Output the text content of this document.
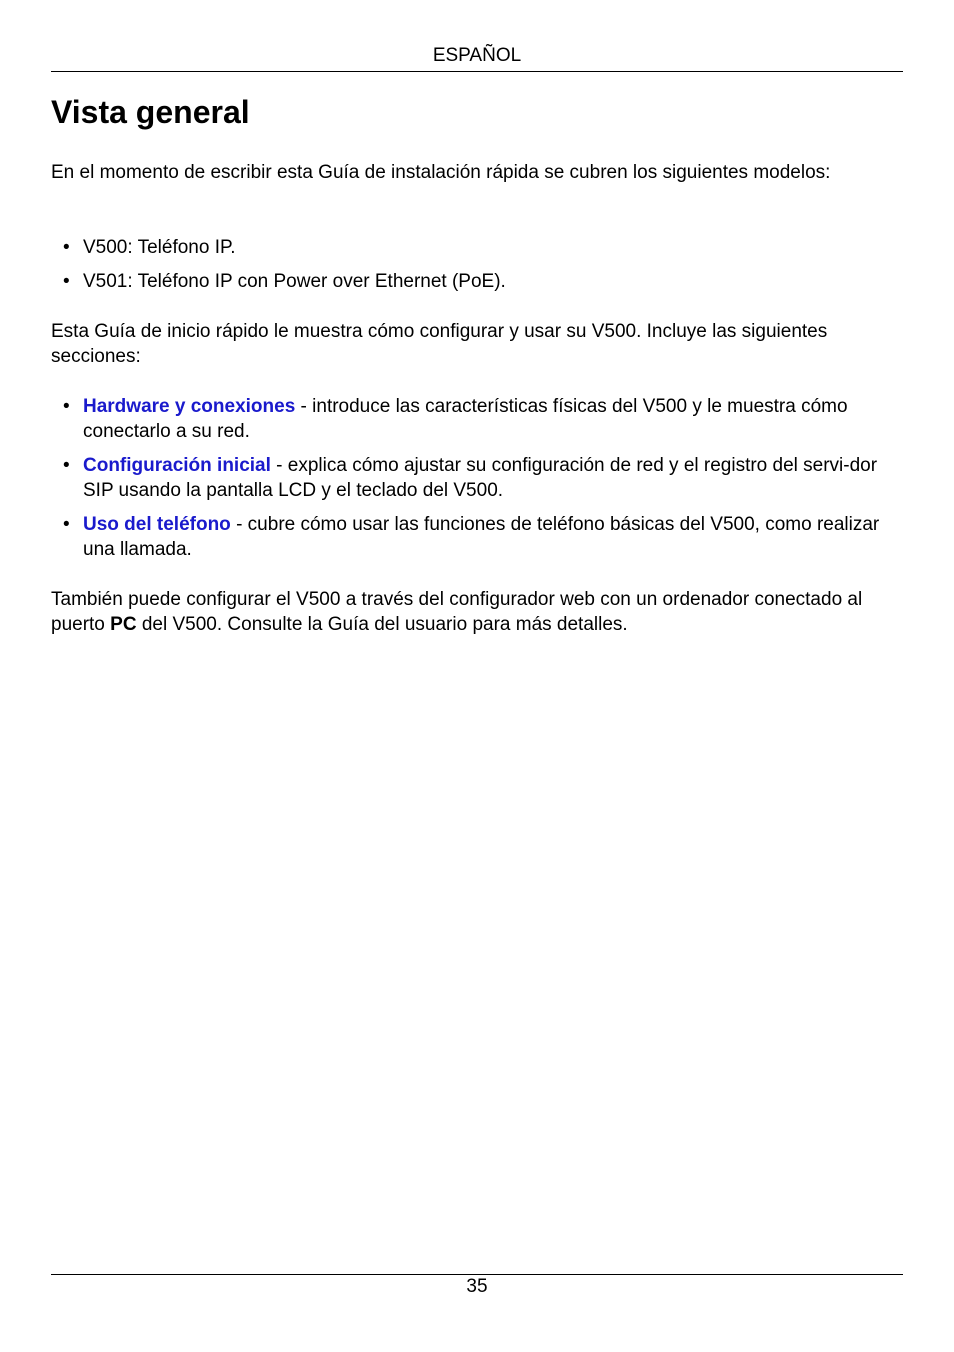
ESPAÑOL
Vista general

En el momento de escribir esta Guía de instalación rápida se cubren los siguientes modelos:

• V500: Teléfono IP.
• V501: Teléfono IP con Power over Ethernet (PoE).

Esta Guía de inicio rápido le muestra cómo configurar y usar su V500. Incluye las siguientes secciones:

• Hardware y conexiones - introduce las características físicas del V500 y le muestra cómo conectarlo a su red.
• Configuración inicial - explica cómo ajustar su configuración de red y el registro del servi-dor SIP usando la pantalla LCD y el teclado del V500.
• Uso del teléfono - cubre cómo usar las funciones de teléfono básicas del V500, como realizar una llamada.

También puede configurar el V500 a través del configurador web con un ordenador conectado al puerto PC del V500. Consulte la Guía del usuario para más detalles.

35
